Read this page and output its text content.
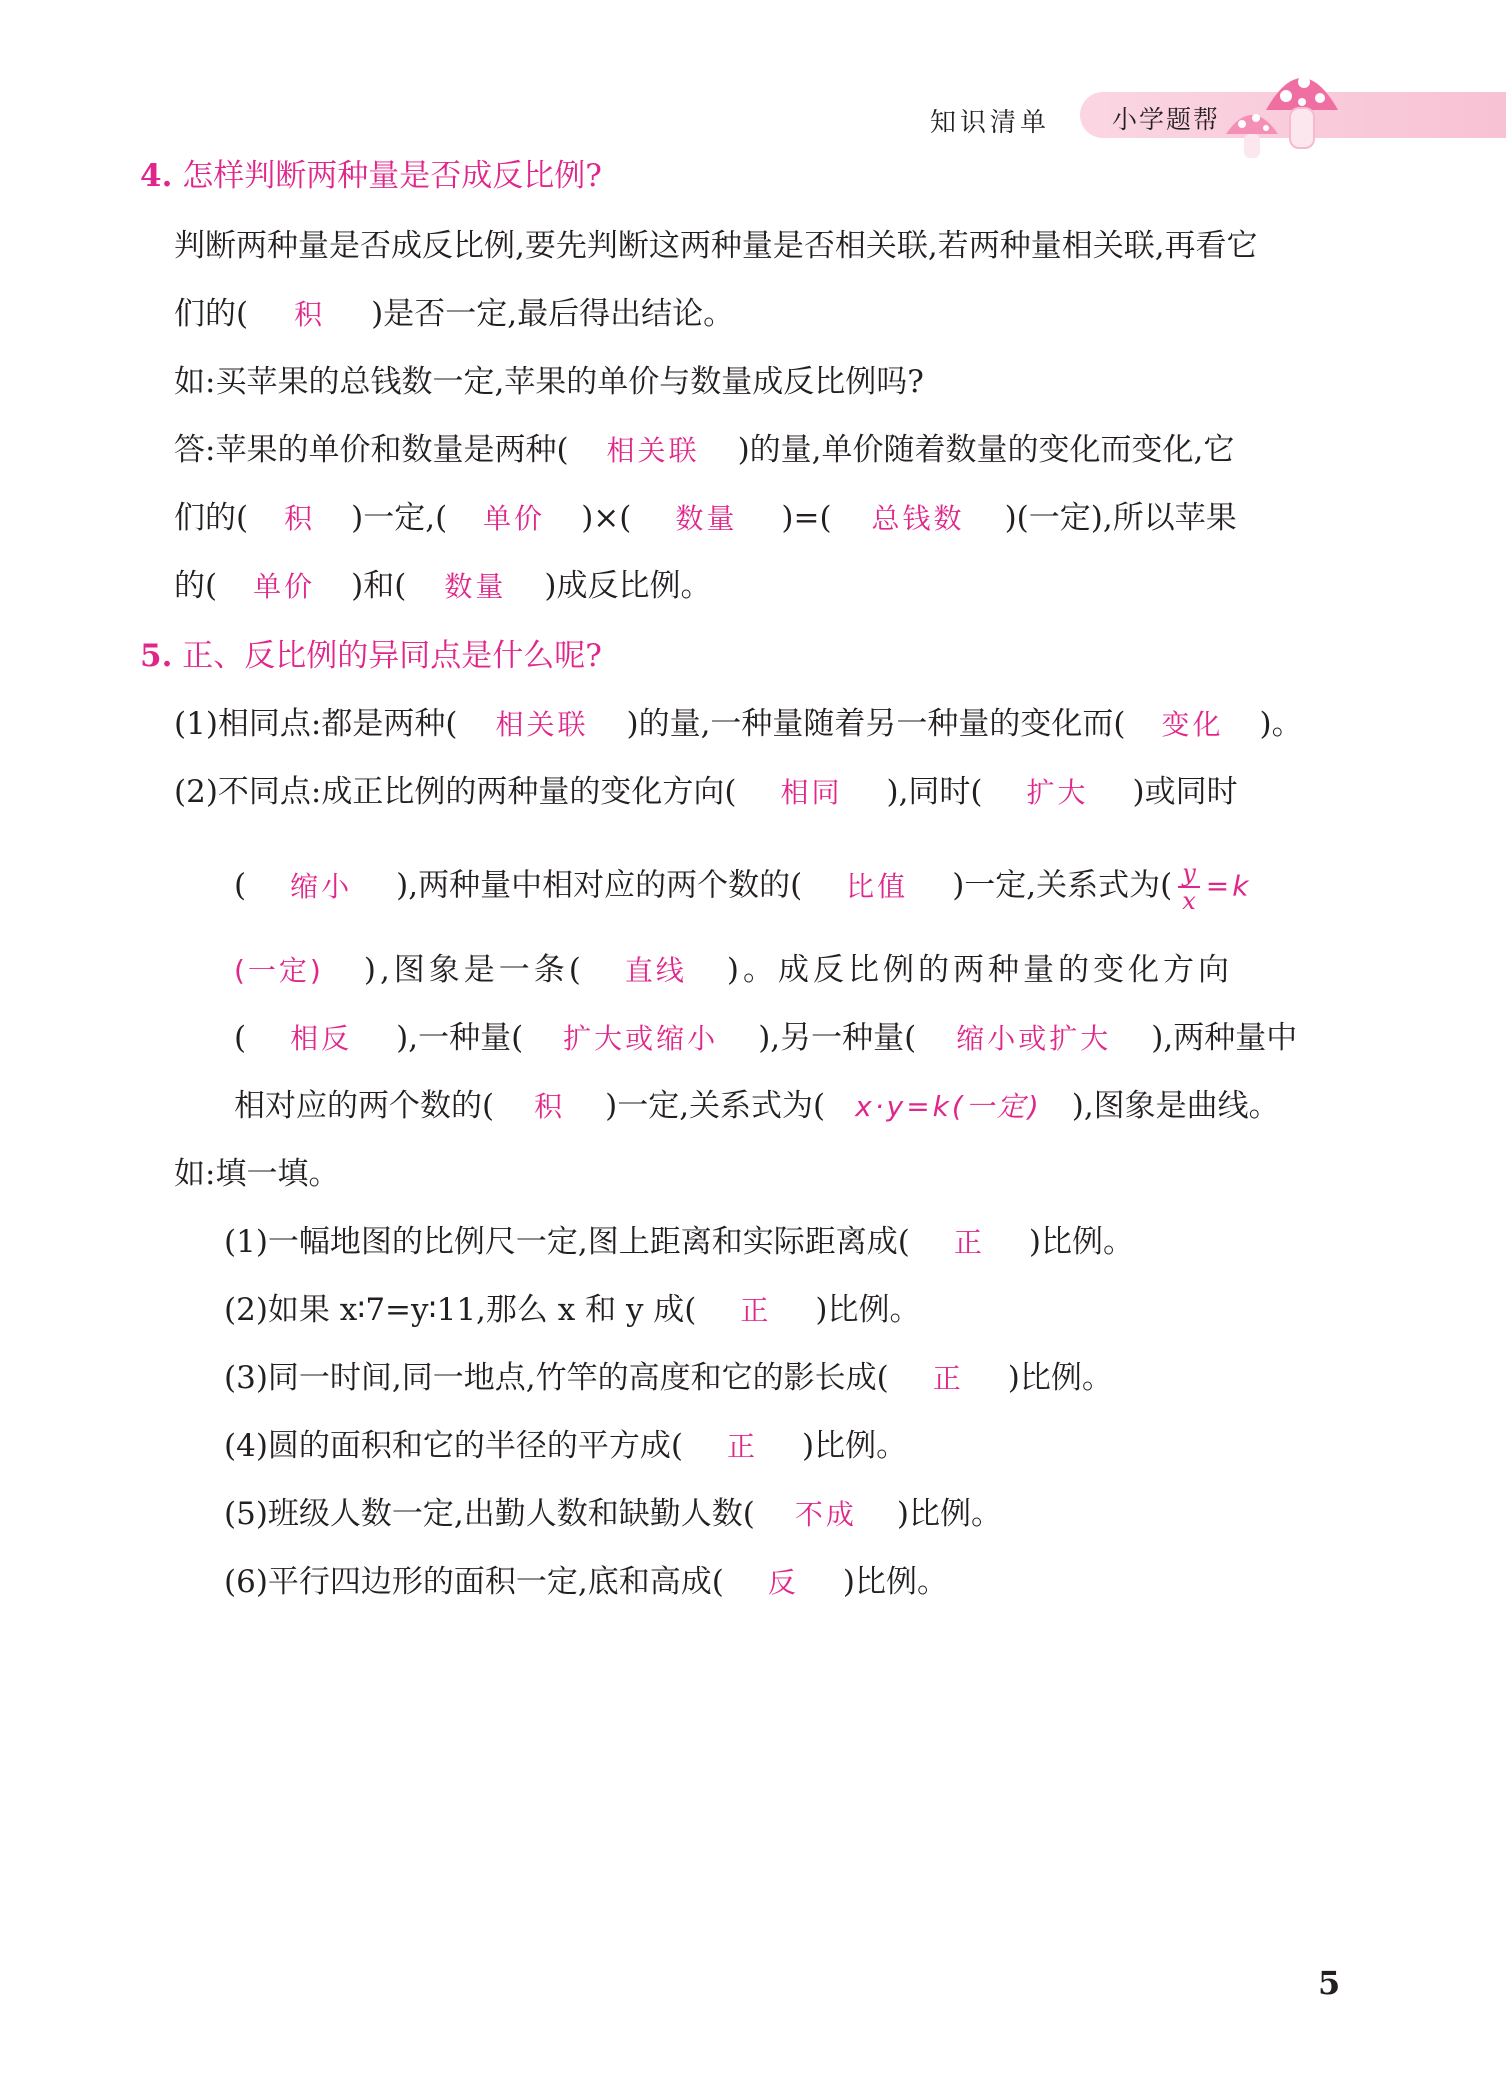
知识清单 小学题帮
4. 怎样判断两种量是否成反比例?
判断两种量是否成反比例,要先判断这两种量是否相关联,若两种量相关联,再看它
们的( 积 )是否一定,最后得出结论。
如:买苹果的总钱数一定,苹果的单价与数量成反比例吗?
答:苹果的单价和数量是两种( 相关联 )的量,单价随着数量的变化而变化,它
们的( 积 )一定,( 单价 )×( 数量 )=( 总钱数 )(一定),所以苹果
的( 单价 )和( 数量 )成反比例。
5. 正、反比例的异同点是什么呢?
(1)相同点:都是两种( 相关联 )的量,一种量随着另一种量的变化而( 变化 )。
(2)不同点:成正比例的两种量的变化方向( 相同 ),同时( 扩大 )或同时
( 缩小 ),两种量中相对应的两个数的( 比值 )一定,关系式为( $\frac{y}{x} =k$
(一定) ),图象是一条( 直线 )。成反比例的两种量的变化方向
( 相反 ),一种量( 扩大或缩小 ),另一种量( 缩小或扩大 ),两种量中
相对应的两个数的( 积 )一定,关系式为( x·y=k(一定) ),图象是曲线。
如:填一填。
(1)一幅地图的比例尺一定,图上距离和实际距离成( 正 )比例。
(2)如果 x∶7=y∶11,那么 x 和 y 成( 正 )比例。
(3)同一时间,同一地点,竹竿的高度和它的影长成( 正 )比例。
(4)圆的面积和它的半径的平方成( 正 )比例。
(5)班级人数一定,出勤人数和缺勤人数( 不成 )比例。
(6)平行四边形的面积一定,底和高成( 反 )比例。
5
